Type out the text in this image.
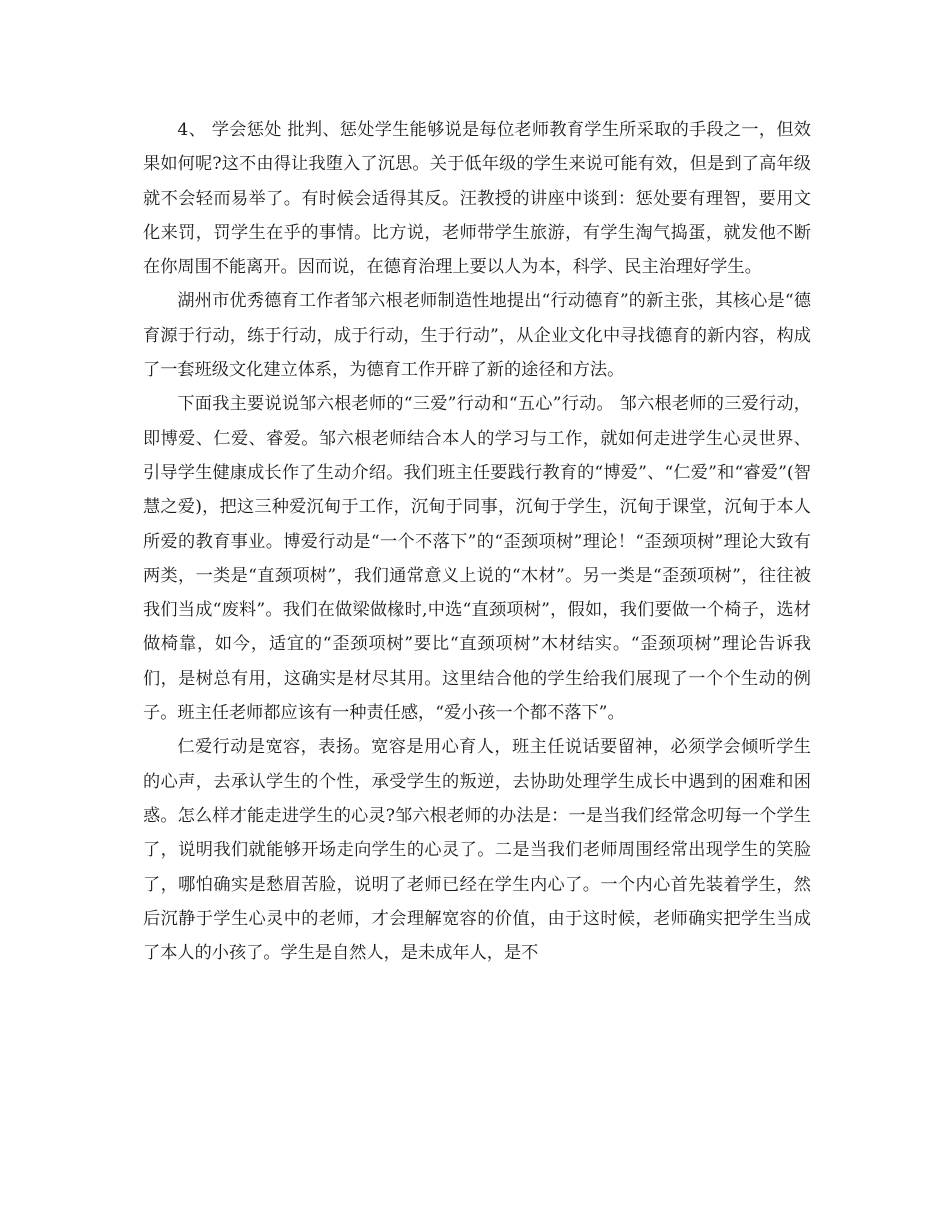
4、 学会惩处 批判、惩处学生能够说是每位老师教育学生所采取的手段之一，但效果如何呢?这不由得让我堕入了沉思。关于低年级的学生来说可能有效，但是到了高年级就不会轻而易举了。有时候会适得其反。汪教授的讲座中谈到：惩处要有理智，要用文化来罚，罚学生在乎的事情。比方说，老师带学生旅游，有学生淘气捣蛋，就发他不断在你周围不能离开。因而说，在德育治理上要以人为本，科学、民主治理好学生。

湖州市优秀德育工作者邹六根老师制造性地提出“行动德育”的新主张，其核心是“德育源于行动，练于行动，成于行动，生于行动”，从企业文化中寻找德育的新内容，构成了一套班级文化建立体系，为德育工作开辟了新的途径和方法。

下面我主要说说邹六根老师的“三爱”行动和“五心”行动。 邹六根老师的三爱行动，即博爱、仁爱、睿爱。邹六根老师结合本人的学习与工作，就如何走进学生心灵世界、引导学生健康成长作了生动介绍。我们班主任要践行教育的“博爱”、“仁爱”和“睿爱”(智慧之爱)，把这三种爱沉甸于工作，沉甸于同事，沉甸于学生，沉甸于课堂，沉甸于本人所爱的教育事业。博爱行动是“一个不落下”的“歪颈项树”理论！“歪颈项树”理论大致有两类，一类是“直颈项树”，我们通常意义上说的“木材”。另一类是“歪颈项树”，往往被我们当成“废料”。我们在做梁做椽时,中选“直颈项树”，假如，我们要做一个椅子，选材做椅靠，如今，适宜的“歪颈项树”要比“直颈项树”木材结实。“歪颈项树”理论告诉我们，是树总有用，这确实是材尽其用。这里结合他的学生给我们展现了一个个生动的例子。班主任老师都应该有一种责任感，“爱小孩一个都不落下”。

仁爱行动是宽容，表扬。宽容是用心育人，班主任说话要留神，必须学会倾听学生的心声，去承认学生的个性，承受学生的叛逆，去协助处理学生成长中遇到的困难和困惑。怎么样才能走进学生的心灵?邹六根老师的办法是：一是当我们经常念叨每一个学生了，说明我们就能够开场走向学生的心灵了。二是当我们老师周围经常出现学生的笑脸了，哪怕确实是愁眉苦脸，说明了老师已经在学生内心了。一个内心首先装着学生，然后沉静于学生心灵中的老师，才会理解宽容的价值，由于这时候，老师确实把学生当成了本人的小孩了。学生是自然人，是未成年人，是不
